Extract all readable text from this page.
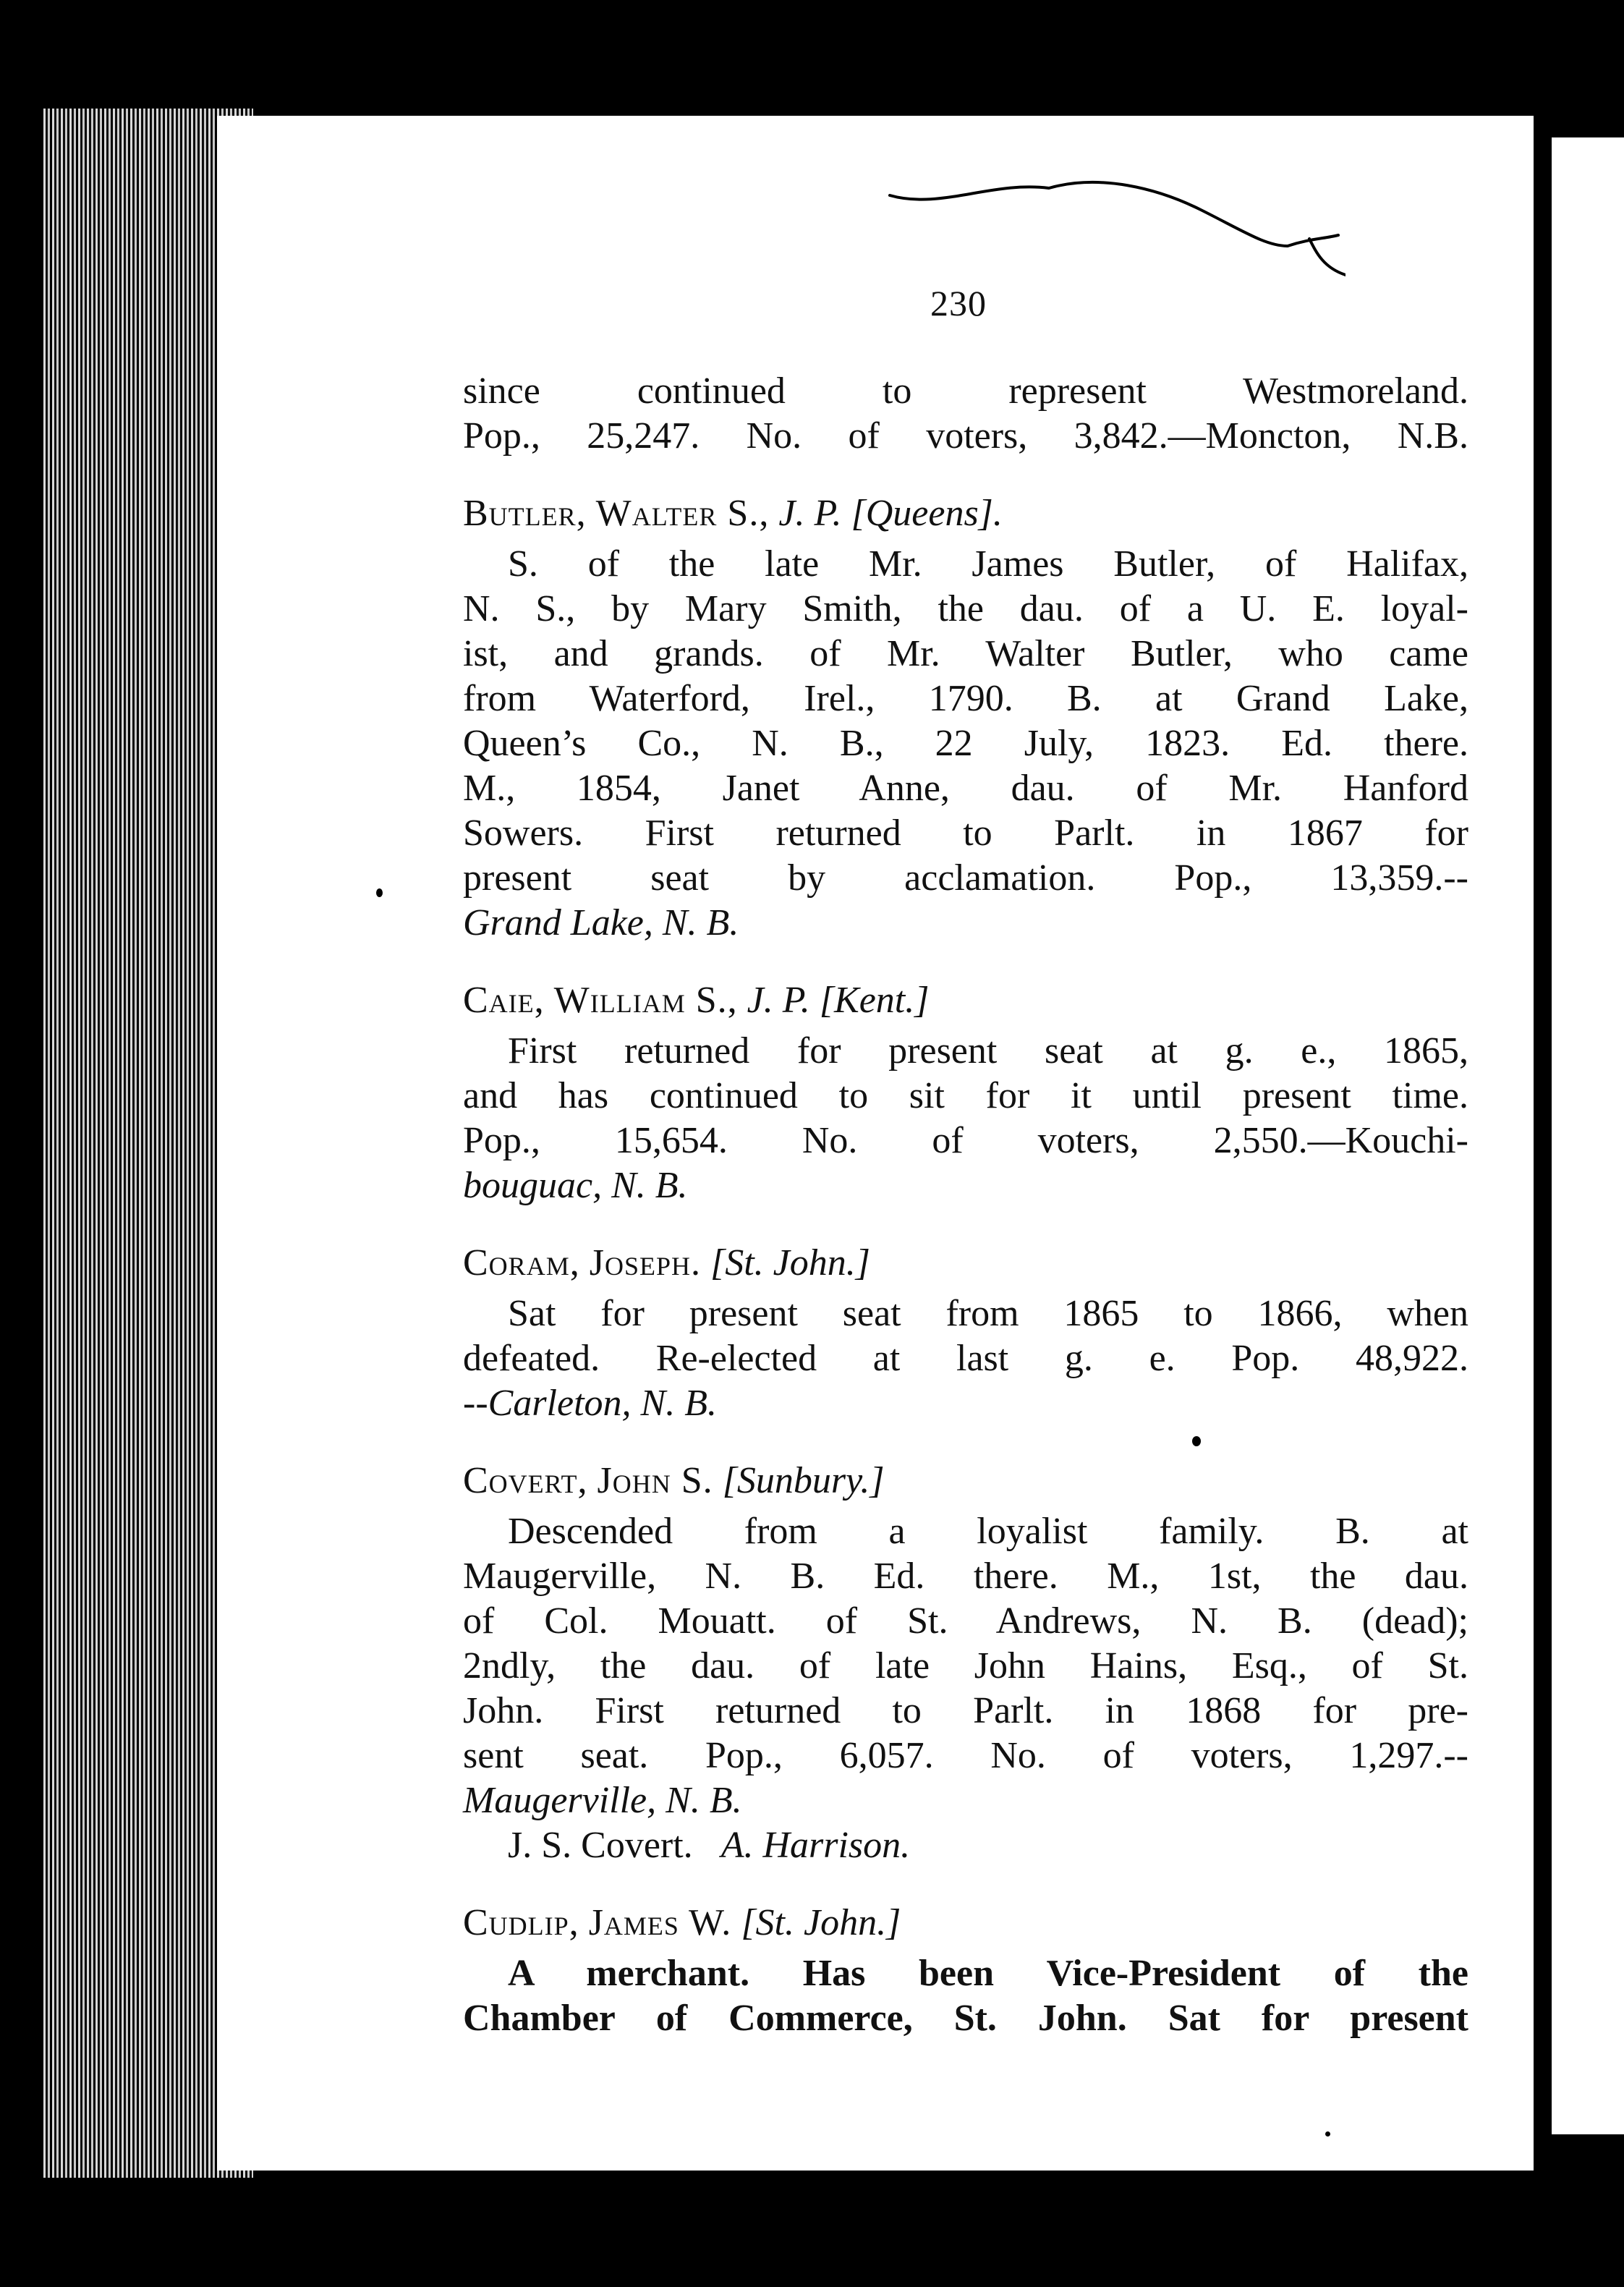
230

since continued to represent Westmoreland.

Pop., 25,247. No. of voters, 3,842.—Moncton, N.B.

Butler, Walter S., J. P. [Queens].

S. of the late Mr. James Butler, of Halifax,

N. S., by Mary Smith, the dau. of a U. E. loyal-

ist, and grands. of Mr. Walter Butler, who came

from Waterford, Irel., 1790. B. at Grand Lake,

Queen’s Co., N. B., 22 July, 1823. Ed. there.

M., 1854, Janet Anne, dau. of Mr. Hanford

Sowers. First returned to Parlt. in 1867 for

present seat by acclamation. Pop., 13,359.--

Grand Lake, N. B.

Caie, William S., J. P. [Kent.]

First returned for present seat at g. e., 1865,

and has continued to sit for it until present time.

Pop., 15,654. No. of voters, 2,550.—Kouchi-

bouguac, N. B.

Coram, Joseph. [St. John.]

Sat for present seat from 1865 to 1866, when

defeated. Re-elected at last g. e. Pop. 48,922.

--Carleton, N. B.

Covert, John S. [Sunbury.]

Descended from a loyalist family. B. at

Maugerville, N. B. Ed. there. M., 1st, the dau.

of Col. Mouatt. of St. Andrews, N. B. (dead);

2ndly, the dau. of late John Hains, Esq., of St.

John. First returned to Parlt. in 1868 for pre-

sent seat. Pop., 6,057. No. of voters, 1,297.--

Maugerville, N. B.

J. S. Covert. A. Harrison.

Cudlip, James W. [St. John.]

A merchant. Has been Vice-President of the

Chamber of Commerce, St. John. Sat for present
